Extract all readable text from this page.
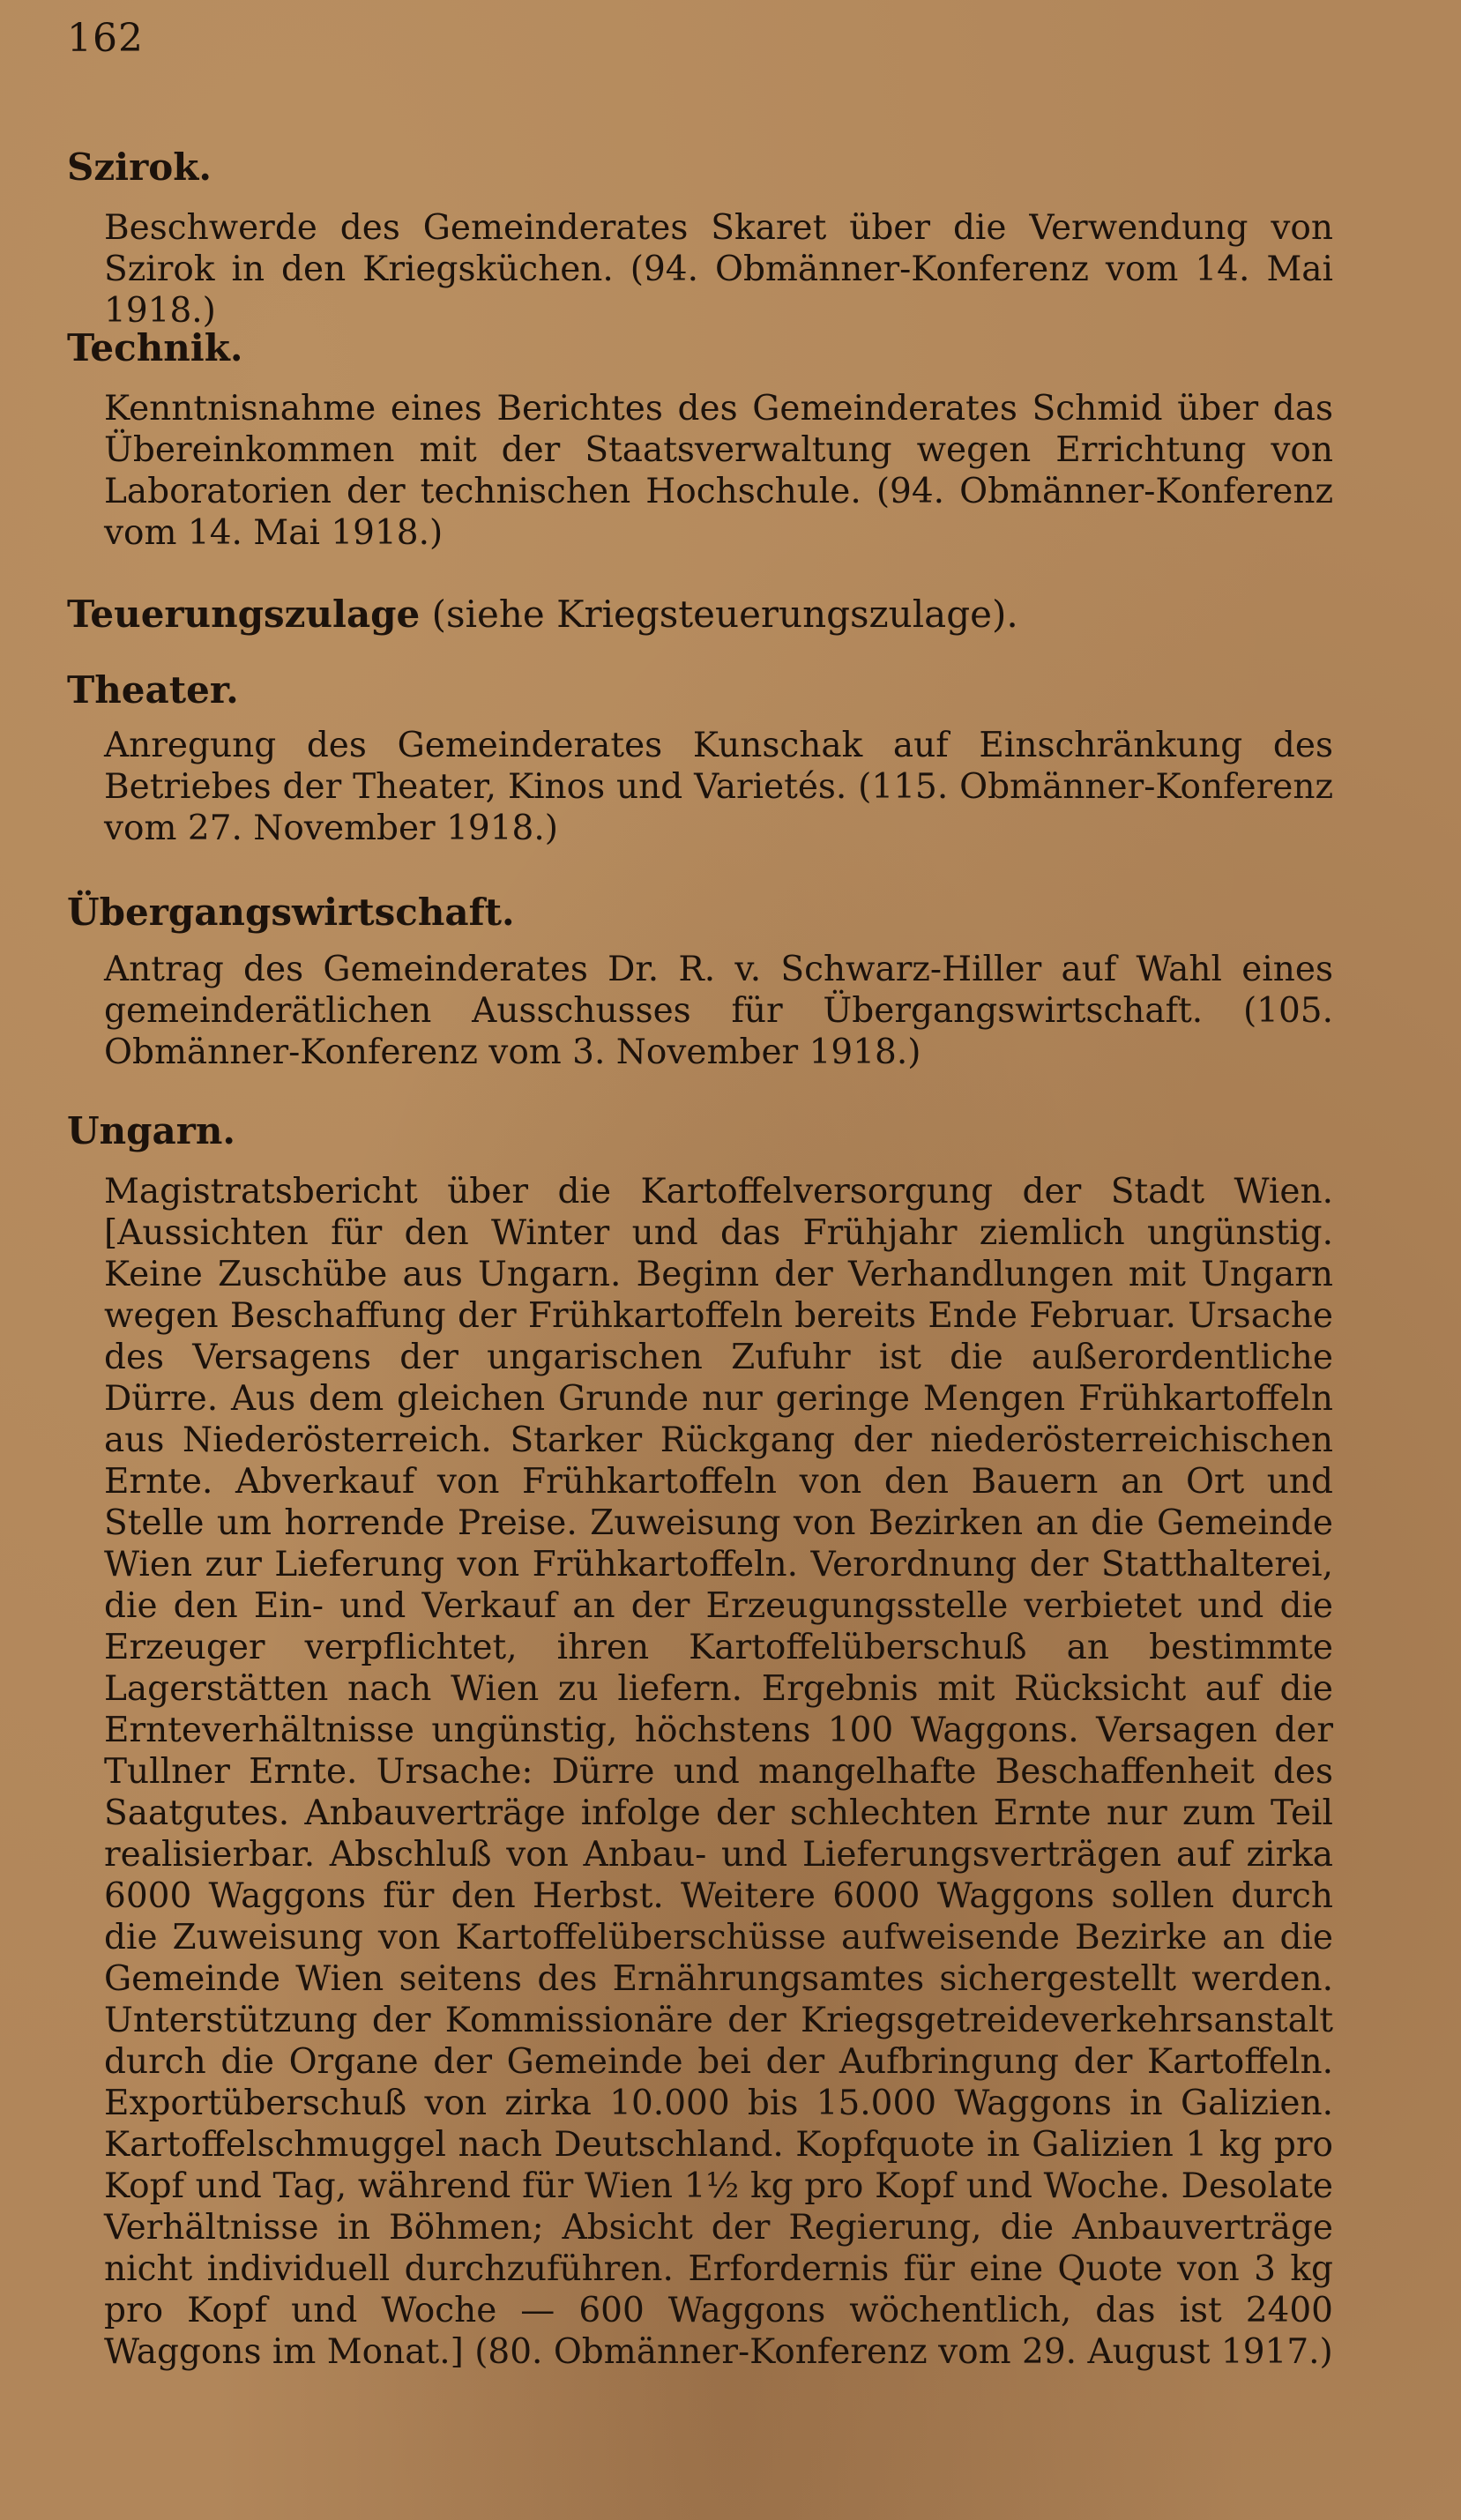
162
Szirok.
Beschwerde des Gemeinderates Skaret über die Verwendung von Szirok in den Kriegsküchen. (94. Obmänner-Konferenz vom 14. Mai 1918.)
Technik.
Kenntnisnahme eines Berichtes des Gemeinderates Schmid über das Übereinkommen mit der Staatsverwaltung wegen Errichtung von Laboratorien der technischen Hochschule. (94. Obmänner-Konferenz vom 14. Mai 1918.)
Teuerungszulage (siehe Kriegsteuerungszulage).
Theater.
Anregung des Gemeinderates Kunschak auf Einschränkung des Betriebes der Theater, Kinos und Varietés. (115. Obmänner-Konferenz vom 27. November 1918.)
Übergangswirtschaft.
Antrag des Gemeinderates Dr. R. v. Schwarz-Hiller auf Wahl eines gemeinderätlichen Ausschusses für Übergangswirtschaft. (105. Obmänner-Konferenz vom 3. November 1918.)
Ungarn.
Magistratsbericht über die Kartoffelversorgung der Stadt Wien. [Aussichten für den Winter und das Frühjahr ziemlich ungünstig. Keine Zuschübe aus Ungarn. Beginn der Verhandlungen mit Ungarn wegen Beschaffung der Frühkartoffeln bereits Ende Februar. Ursache des Versagens der ungarischen Zufuhr ist die außerordentliche Dürre. Aus dem gleichen Grunde nur geringe Mengen Frühkartoffeln aus Niederösterreich. Starker Rückgang der niederösterreichischen Ernte. Abverkauf von Frühkartoffeln von den Bauern an Ort und Stelle um horrende Preise. Zuweisung von Bezirken an die Gemeinde Wien zur Lieferung von Frühkartoffeln. Verordnung der Statthalterei, die den Ein- und Verkauf an der Erzeugungsstelle verbietet und die Erzeuger verpflichtet, ihren Kartoffelüberschuß an bestimmte Lagerstätten nach Wien zu liefern. Ergebnis mit Rücksicht auf die Ernteverhältnisse ungünstig, höchstens 100 Waggons. Versagen der Tullner Ernte. Ursache: Dürre und mangelhafte Beschaffenheit des Saatgutes. Anbauverträge infolge der schlechten Ernte nur zum Teil realisierbar. Abschluß von Anbau- und Lieferungsverträgen auf zirka 6000 Waggons für den Herbst. Weitere 6000 Waggons sollen durch die Zuweisung von Kartoffelüberschüsse aufweisende Bezirke an die Gemeinde Wien seitens des Ernährungsamtes sichergestellt werden. Unterstützung der Kommissionäre der Kriegsgetreideverkehrsanstalt durch die Organe der Gemeinde bei der Aufbringung der Kartoffeln. Exportüberschuß von zirka 10.000 bis 15.000 Waggons in Galizien. Kartoffelschmuggel nach Deutschland. Kopfquote in Galizien 1 kg pro Kopf und Tag, während für Wien 1½ kg pro Kopf und Woche. Desolate Verhältnisse in Böhmen; Absicht der Regierung, die Anbauverträge nicht individuell durchzuführen. Erfordernis für eine Quote von 3 kg pro Kopf und Woche — 600 Waggons wöchentlich, das ist 2400 Waggons im Monat.] (80. Obmänner-Konferenz vom 29. August 1917.)
